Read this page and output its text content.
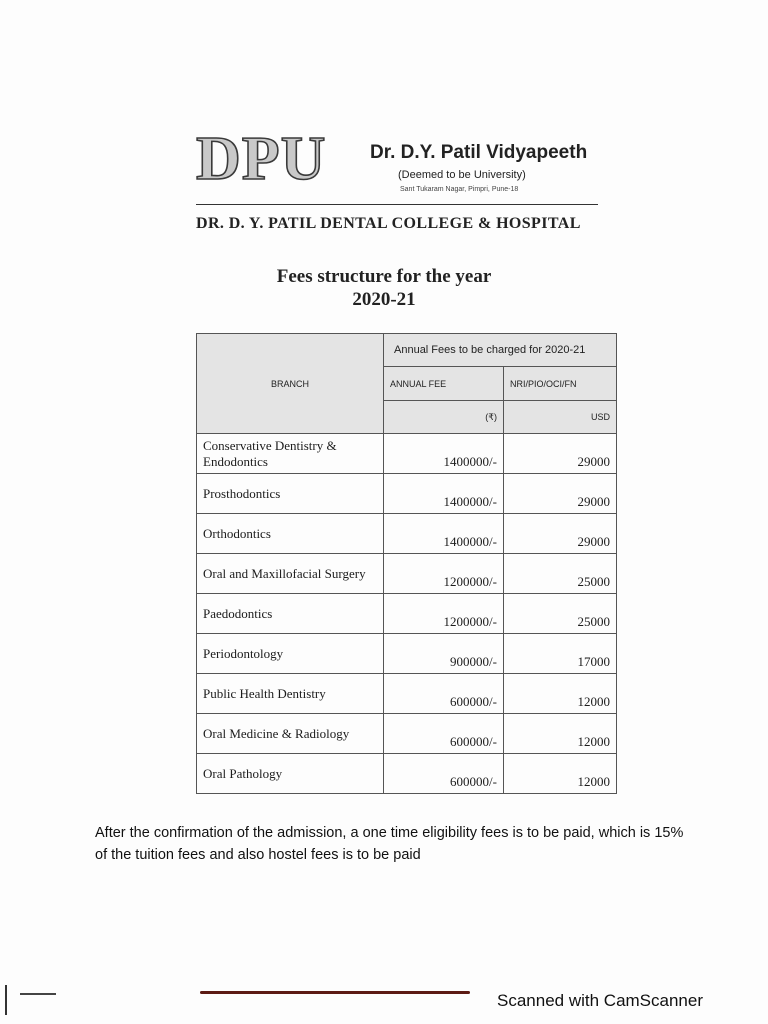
DPU Dr. D.Y. Patil Vidyapeeth
(Deemed to be University)
Sant Tukaram Nagar, Pimpri, Pune-18
DR. D. Y. PATIL DENTAL COLLEGE & HOSPITAL
Fees structure for the year
2020-21
BRANCH	Annual Fees to be charged for 2020-21	
	ANNUAL FEE	NRI/PIO/OCI/FN
	(₹)	USD
Conservative Dentistry & Endodontics	1400000/-	29000
Prosthodontics	1400000/-	29000
Orthodontics	1400000/-	29000
Oral and Maxillofacial Surgery	1200000/-	25000
Paedodontics	1200000/-	25000
Periodontology	900000/-	17000
Public Health Dentistry	600000/-	12000
Oral Medicine & Radiology	600000/-	12000
Oral Pathology	600000/-	12000
After the confirmation of the admission, a one time eligibility fees is to be paid, which is 15% of the tuition fees and also hostel fees is to be paid
Scanned with CamScanner
